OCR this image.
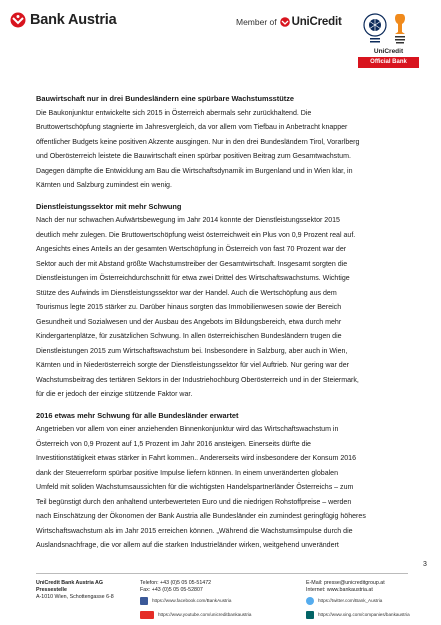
Bank Austria	Member of UniCredit
UniCredit
Official Bank
Bauwirtschaft nur in drei Bundesländern eine spürbare Wachstumsstütze

Die Baukonjunktur entwickelte sich 2015 in Österreich abermals sehr zurückhaltend. Die
Bruttowertschöpfung stagnierte im Jahresvergleich, da vor allem vom Tiefbau in Anbetracht knapper
öffentlicher Budgets keine positiven Akzente ausgingen. Nur in den drei Bundesländern Tirol, Vorarlberg
und Oberösterreich leistete die Bauwirtschaft einen spürbar positiven Beitrag zum Gesamtwachstum.
Dagegen dämpfte die Entwicklung am Bau die Wirtschaftsdynamik im Burgenland und in Wien klar, in
Kärnten und Salzburg zumindest ein wenig.

Dienstleistungssektor mit mehr Schwung

Nach der nur schwachen Aufwärtsbewegung im Jahr 2014 konnte der Dienstleistungssektor 2015
deutlich mehr zulegen. Die Bruttowertschöpfung weist österreichweit ein Plus von 0,9 Prozent real auf.
Angesichts eines Anteils an der gesamten Wertschöpfung in Österreich von fast 70 Prozent war der
Sektor auch der mit Abstand größte Wachstumstreiber der Gesamtwirtschaft. Insgesamt sorgten die
Dienstleistungen im Österreichdurchschnitt für etwa zwei Drittel des Wirtschaftswachstums. Wichtige
Stütze des Aufwinds im Dienstleistungssektor war der Handel. Auch die Wertschöpfung aus dem
Tourismus legte 2015 stärker zu. Darüber hinaus sorgten das Immobilienwesen sowie der Bereich
Gesundheit und Sozialwesen und der Ausbau des Angebots im Bildungsbereich, etwa durch mehr
Kindergartenplätze, für zusätzlichen Schwung. In allen österreichischen Bundesländern trugen die
Dienstleistungen 2015 zum Wirtschaftswachstum bei. Insbesondere in Salzburg, aber auch in Wien,
Kärnten und in Niederösterreich sorgte der Dienstleistungssektor für viel Auftrieb. Nur gering war der
Wachstumsbeitrag des tertiären Sektors in der Industriehochburg Oberösterreich und in der Steiermark,
für die er jedoch der einzige stützende Faktor war.

2016 etwas mehr Schwung für alle Bundesländer erwartet

Angetrieben vor allem von einer anziehenden Binnenkonjunktur wird das Wirtschaftswachstum in
Österreich von 0,9 Prozent auf 1,5 Prozent im Jahr 2016 ansteigen. Einerseits dürfte die
Investitionstätigkeit etwas stärker in Fahrt kommen.. Andererseits wird insbesondere der Konsum 2016
dank der Steuerreform spürbar positive Impulse liefern können. In einem unveränderten globalen
Umfeld mit soliden Wachstumsaussichten für die wichtigsten Handelspartnerländer Österreichs – zum
Teil begünstigt durch den anhaltend unterbewerteten Euro und die niedrigen Rohstoffpreise – werden
nach Einschätzung der Ökonomen der Bank Austria alle Bundesländer ein zumindest geringfügig höheres
Wirtschaftswachstum als im Jahr 2015 erreichen können. „Während die Wachstumsimpulse durch die
Auslandsnachfrage, die vor allem auf die starken Industrieländer wirken, weitgehend unverändert

3
UniCredit Bank Austria AG
Pressestelle
A-1010 Wien, Schottengasse 6-8
Telefon: +43 (0)5 05 05-51472
Fax: +43 (0)5 05 05-52807
E-Mail: presse@unicreditgroup.at
Internet: www.bankaustria.at
https://www.facebook.com/BankAustria	https://twitter.com/Bank_Austria
https://www.youtube.com/unicreditbankaustria	https://www.xing.com/companies/bankaustria
